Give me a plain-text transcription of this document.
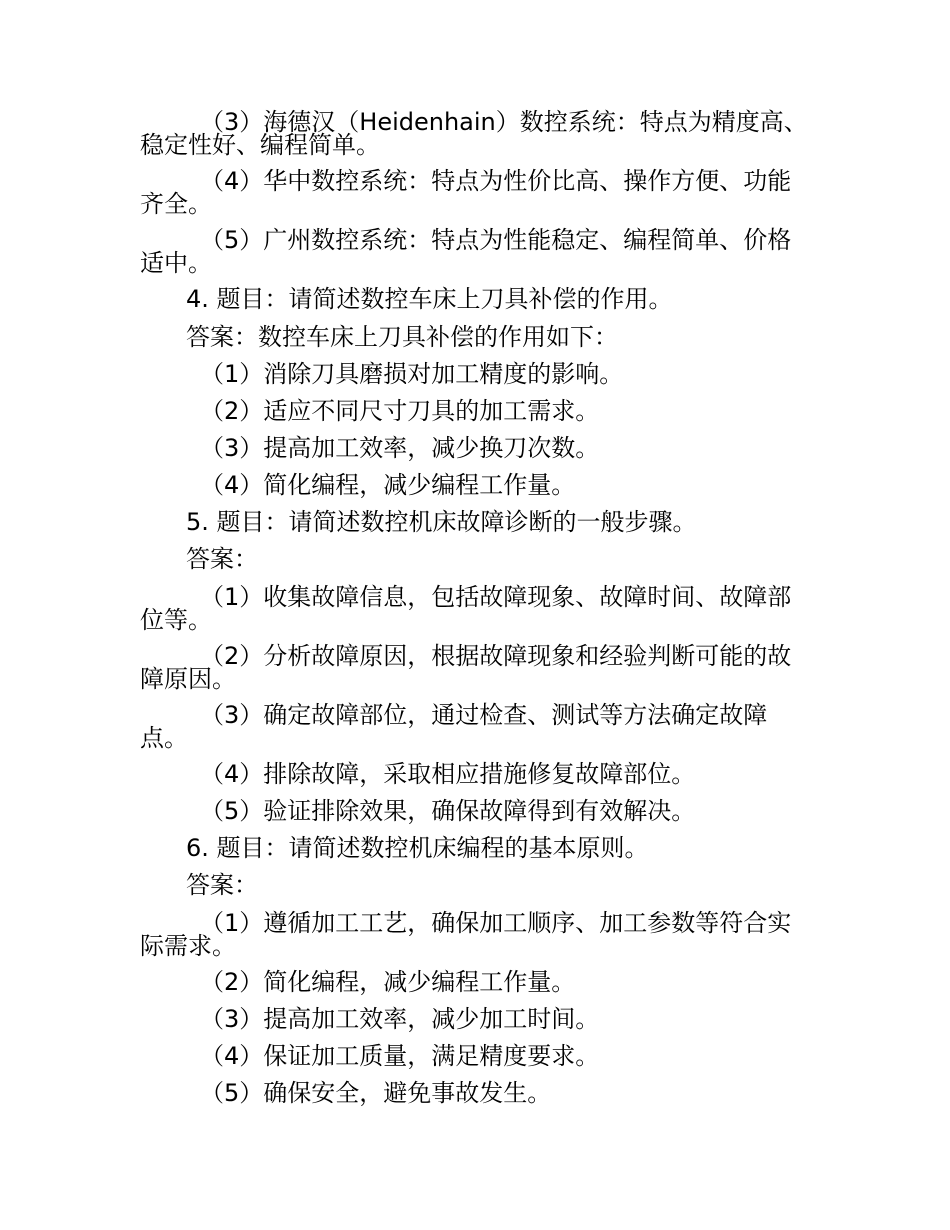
（3）海德汉（Heidenhain）数控系统：特点为精度高、
稳定性好、编程简单。
（4）华中数控系统：特点为性价比高、操作方便、功能
齐全。
（5）广州数控系统：特点为性能稳定、编程简单、价格
适中。
4. 题目：请简述数控车床上刀具补偿的作用。
答案：数控车床上刀具补偿的作用如下：
（1）消除刀具磨损对加工精度的影响。
（2）适应不同尺寸刀具的加工需求。
（3）提高加工效率，减少换刀次数。
（4）简化编程，减少编程工作量。
5. 题目：请简述数控机床故障诊断的一般步骤。
答案：
（1）收集故障信息，包括故障现象、故障时间、故障部
位等。
（2）分析故障原因，根据故障现象和经验判断可能的故
障原因。
（3）确定故障部位，通过检查、测试等方法确定故障
点。
（4）排除故障，采取相应措施修复故障部位。
（5）验证排除效果，确保故障得到有效解决。
6. 题目：请简述数控机床编程的基本原则。
答案：
（1）遵循加工工艺，确保加工顺序、加工参数等符合实
际需求。
（2）简化编程，减少编程工作量。
（3）提高加工效率，减少加工时间。
（4）保证加工质量，满足精度要求。
（5）确保安全，避免事故发生。
